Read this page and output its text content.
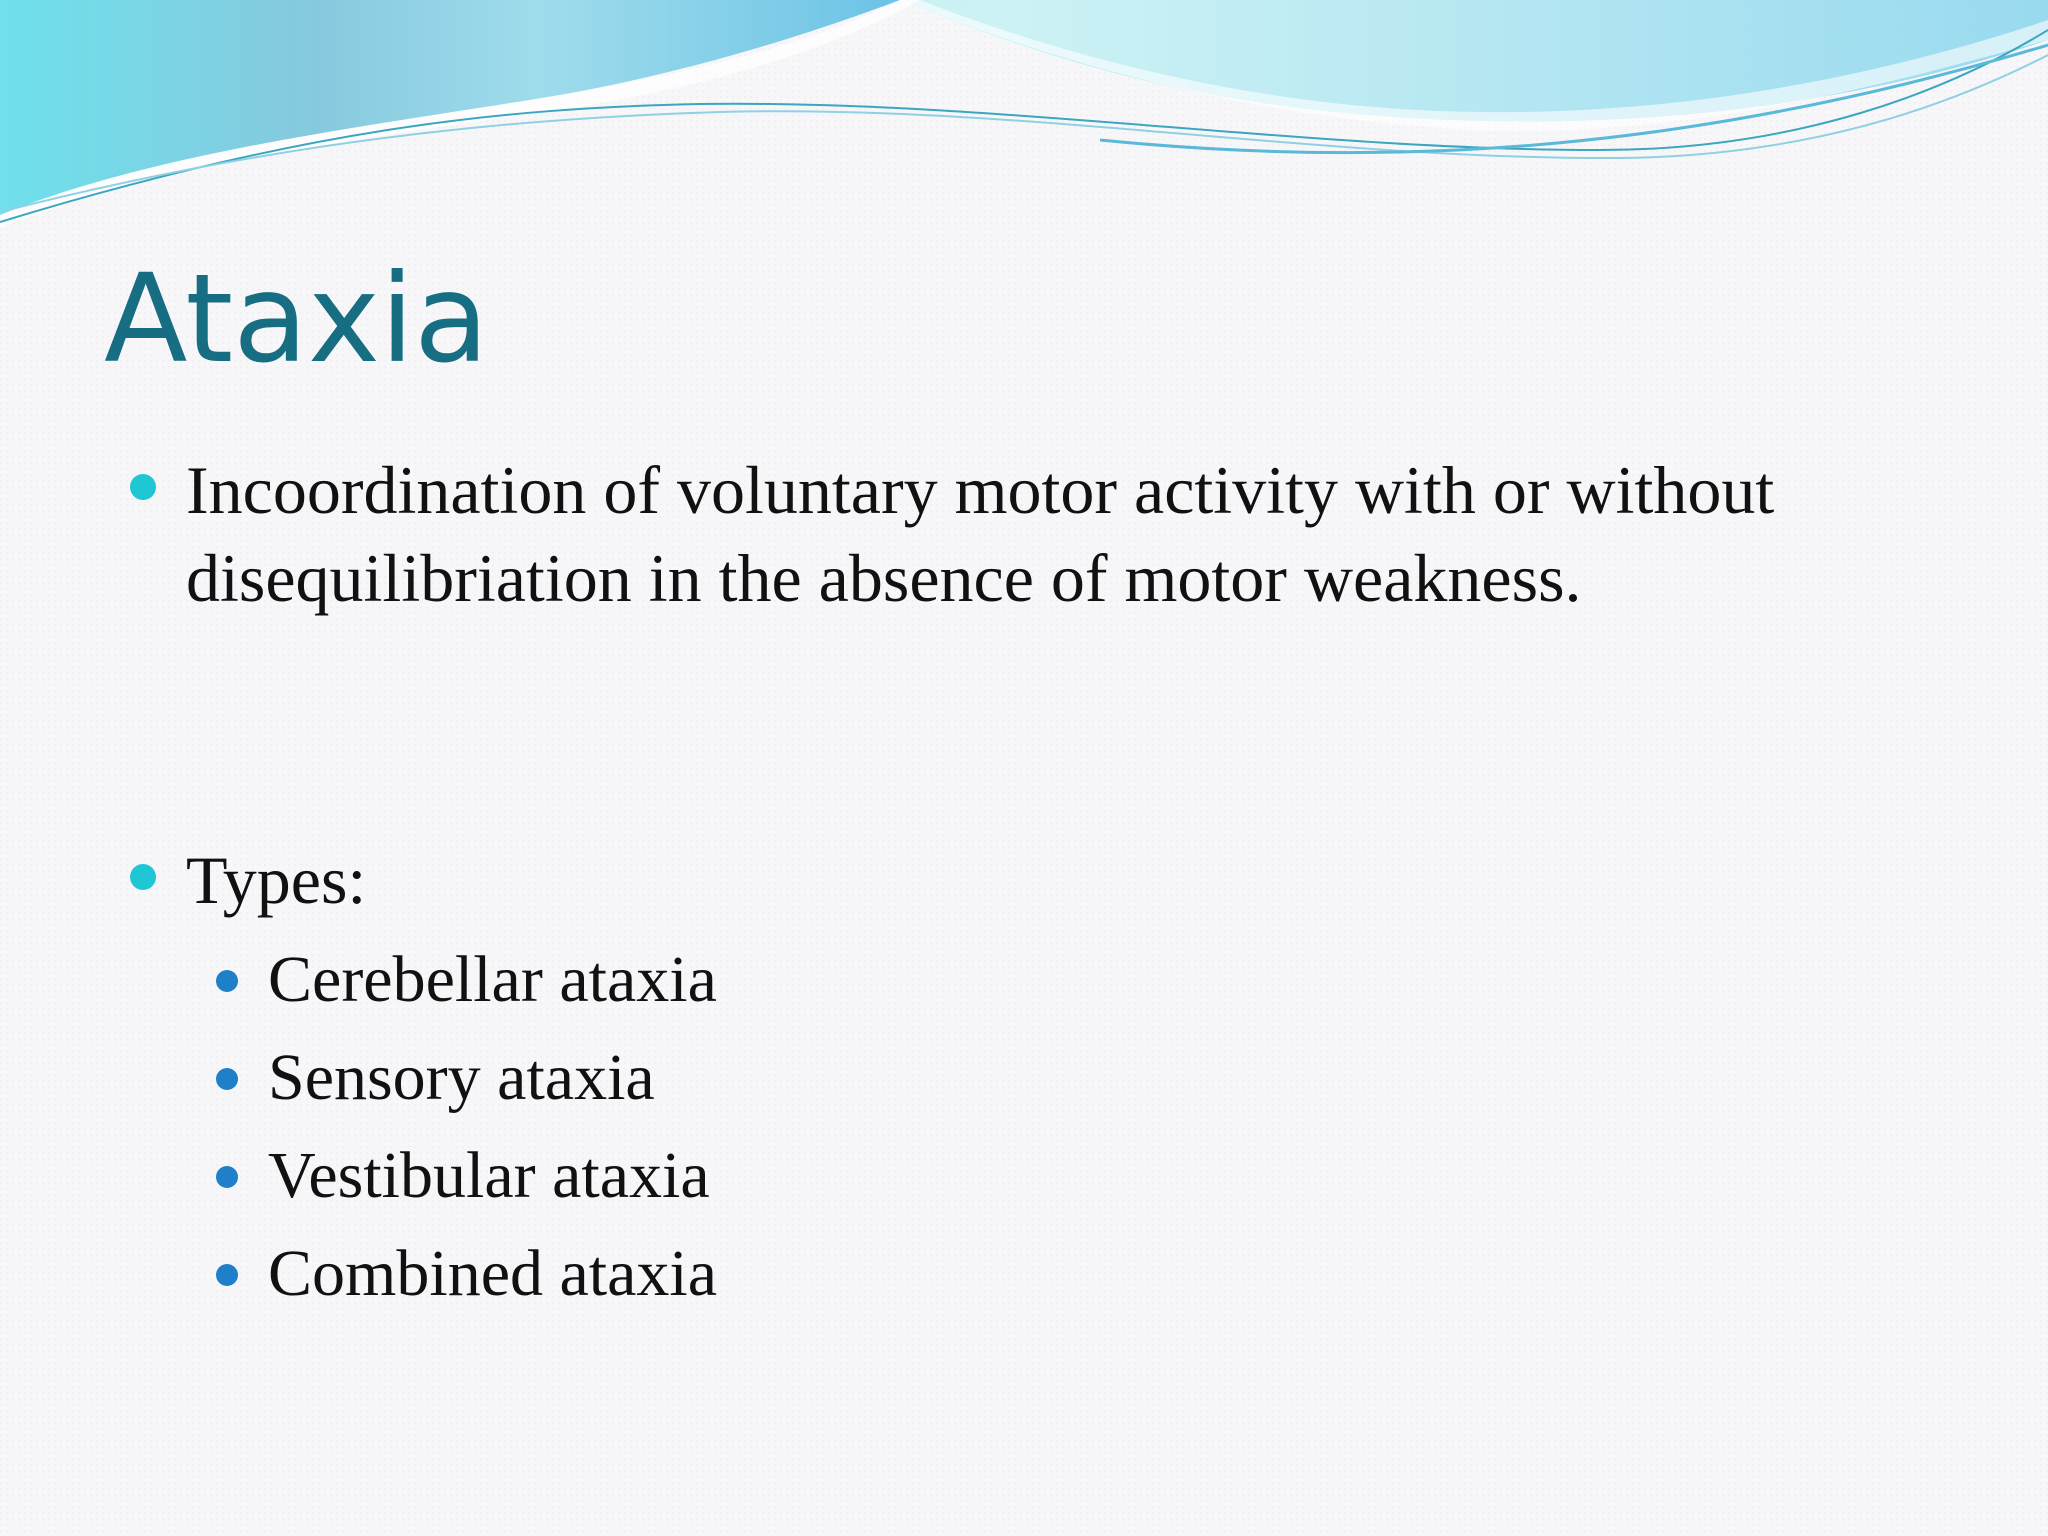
Ataxia
Incoordination of voluntary motor activity with or without disequilibriation in the absence of motor weakness.
Types:
Cerebellar ataxia
Sensory ataxia
Vestibular ataxia
Combined ataxia
